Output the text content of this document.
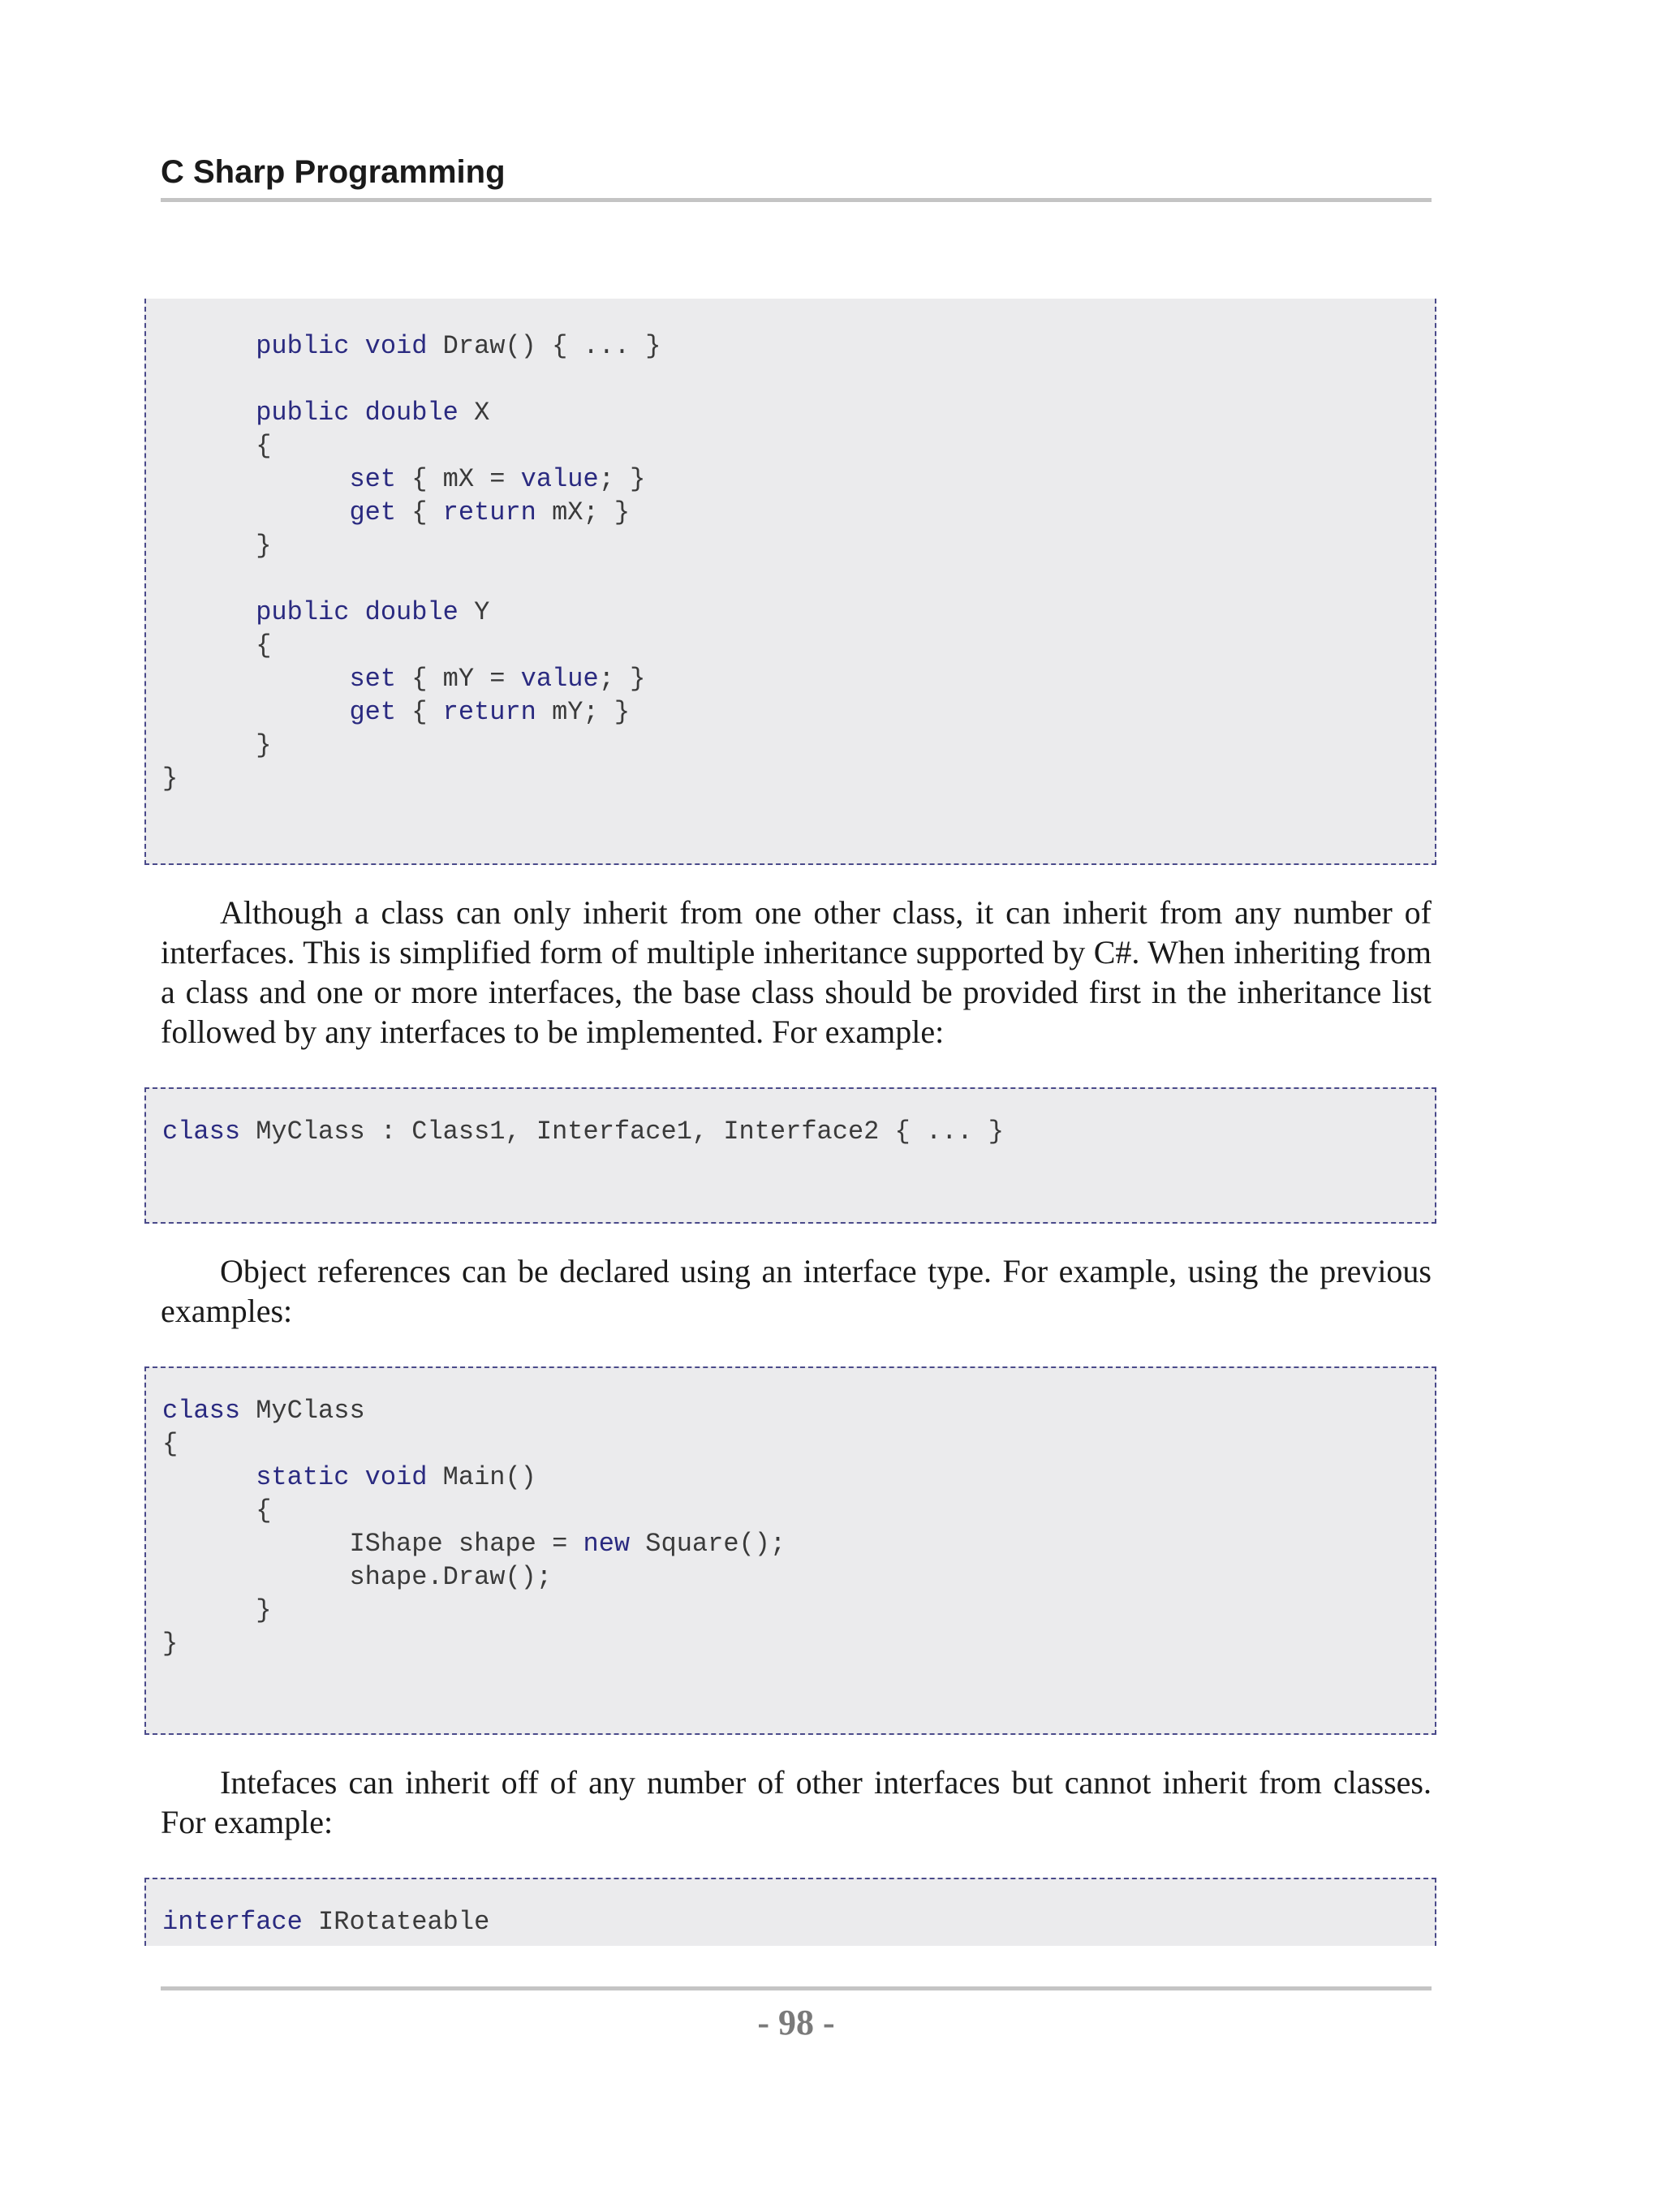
C Sharp Programming
public void Draw() { ... }
public double X
{
set { mX = value; }
get { return mX; }
}
public double Y
{
set { mY = value; }
get { return mY; }
}
}

Although a class can only inherit from one other class, it can inherit from any number of interfaces. This is simplified form of multiple inheritance supported by C#. When inheriting from a class and one or more interfaces, the base class should be provided first in the inheritance list followed by any interfaces to be implemented. For example:

class MyClass : Class1, Interface1, Interface2 { ... }

Object references can be declared using an interface type. For example, using the previous examples:

class MyClass
{
static void Main()
{
IShape shape = new Square();
shape.Draw();
}
}

Intefaces can inherit off of any number of other interfaces but cannot inherit from classes. For example:

interface IRotateable
- 98 -
